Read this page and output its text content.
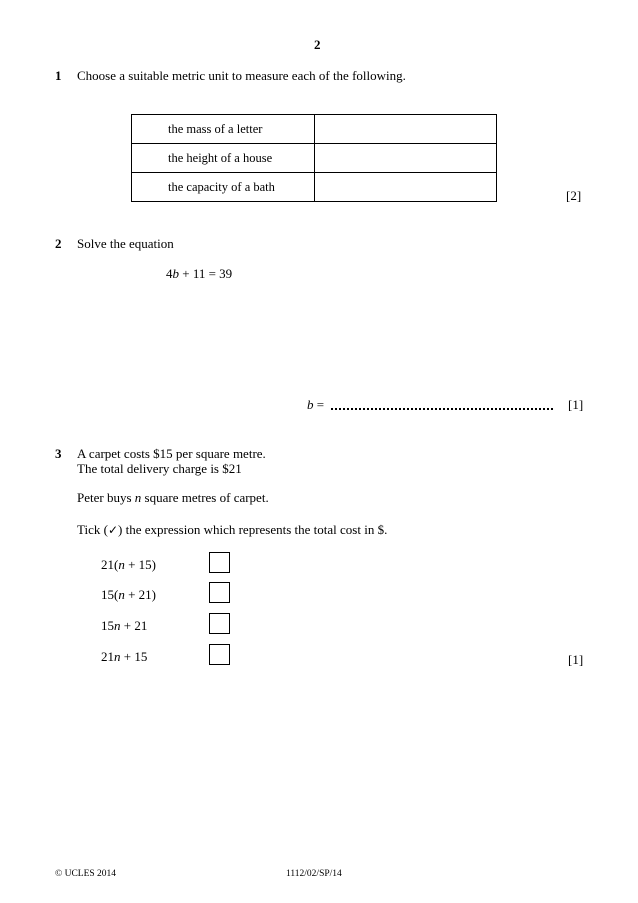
2
1 Choose a suitable metric unit to measure each of the following.
the mass of a letter	
the height of a house	
the capacity of a bath	
[2]
2 Solve the equation
4b + 11 = 39
b =	[1]
3 A carpet costs $15 per square metre.
The total delivery charge is $21
Peter buys n square metres of carpet.
Tick (✓) the expression which represents the total cost in $.
21(n + 15)
15(n + 21)
15n + 21
21n + 15	[1]
© UCLES 2014	1112/02/SP/14
